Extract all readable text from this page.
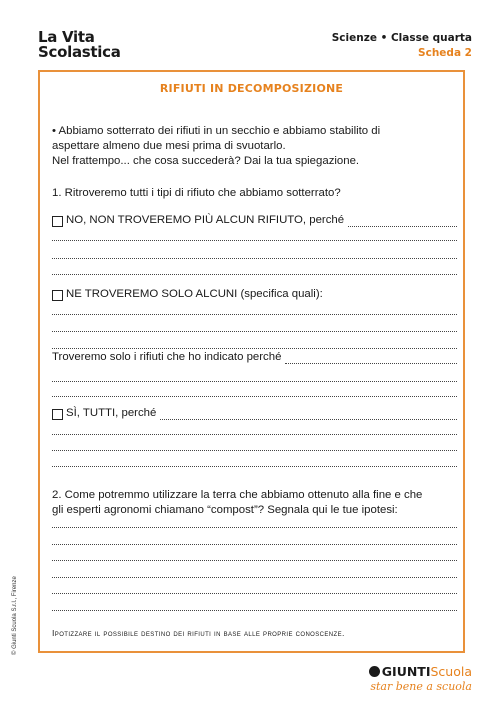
La Vita
Scolastica
Scienze • Classe quarta
Scheda 2
RIFIUTI IN DECOMPOSIZIONE
• Abbiamo sotterrato dei rifiuti in un secchio e abbiamo stabilito di
aspettare almeno due mesi prima di svuotarlo.
Nel frattempo... che cosa succederà? Dai la tua spiegazione.
1. Ritroveremo tutti i tipi di rifiuto che abbiamo sotterrato?
NO, NON TROVEREMO PIÙ ALCUN RIFIUTO, perché
NE TROVEREMO SOLO ALCUNI (specifica quali):
Troveremo solo i rifiuti che ho indicato perché
SÌ, TUTTI, perché
2. Come potremmo utilizzare la terra che abbiamo ottenuto alla fine e che
gli esperti agronomi chiamano “compost”? Segnala qui le tue ipotesi:
Ipotizzare il possibile destino dei rifiuti in base alle proprie conoscenze.
© Giunti Scuola S.r.l., Firenze
GIUNTIScuola
star bene a scuola
